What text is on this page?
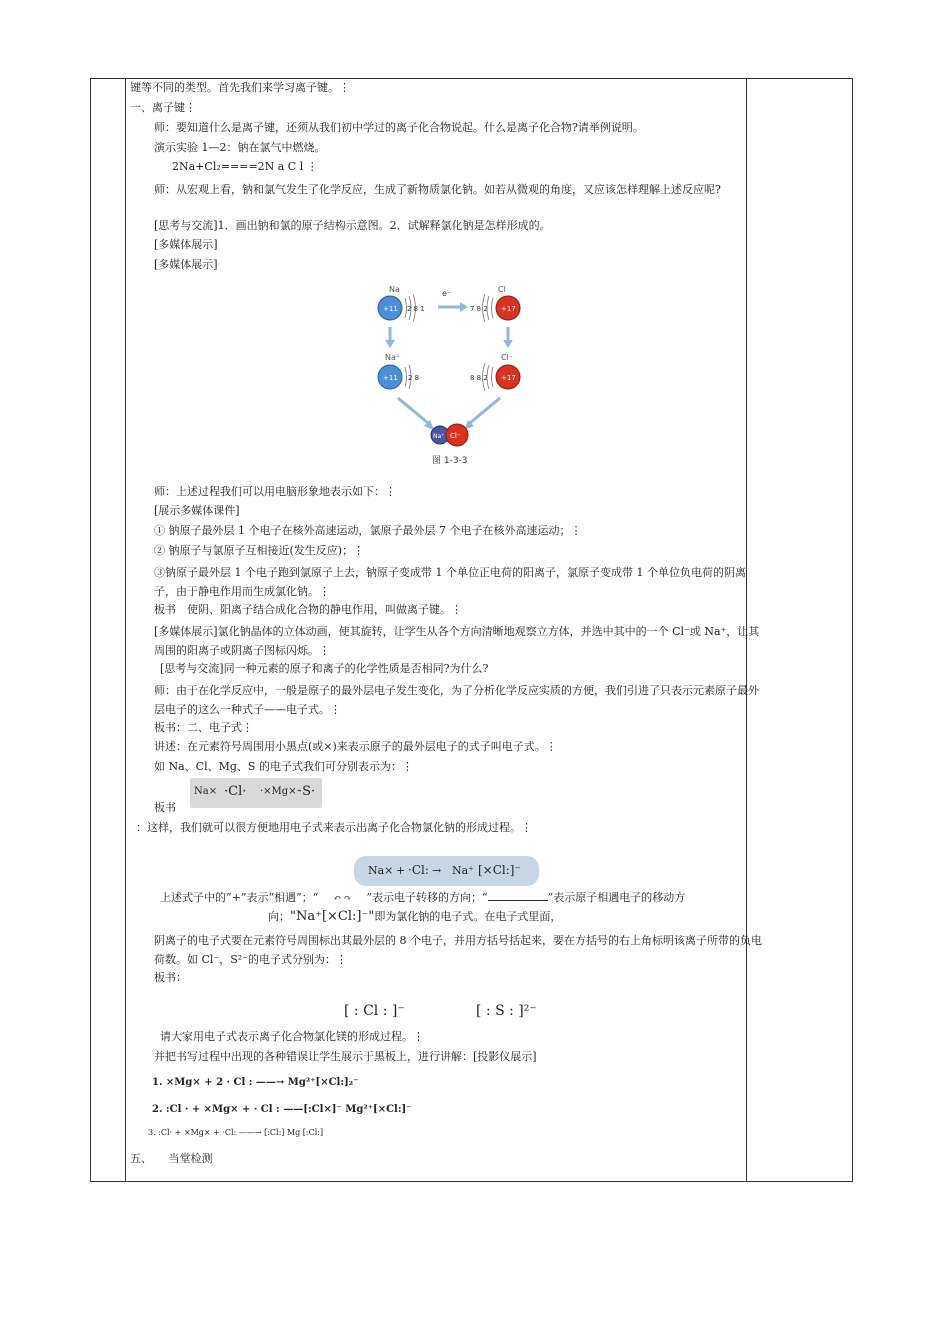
键等不同的类型。首先我们来学习离子键。⋮
一、离子键⋮
师：要知道什么是离子键，还须从我们初中学过的离子化合物说起。什么是离子化合物?请举例说明。
演示实验 1—2：钠在氯气中燃烧。
2Na+Cl₂====2N a C l ⋮
师：从宏观上看，钠和氯气发生了化学反应，生成了新物质氯化钠。如若从微观的角度，又应该怎样理解上述反应呢?
[思考与交流]1．画出钠和氯的原子结构示意图。2．试解释氯化钠是怎样形成的。
[多媒体展示]
[多媒体展示]
Na
+11 2 8 1
e⁻	Cl
+17
7 8 2
Na⁺
+11 2 8
Cl⁻
+17
8 8 2
Na⁺ Cl⁻
图 1-3-3
师：上述过程我们可以用电脑形象地表示如下：⋮
[展示多媒体课件]
① 钠原子最外层 1 个电子在核外高速运动，氯原子最外层 7 个电子在核外高速运动；⋮
② 钠原子与氯原子互相接近(发生反应)；⋮
③钠原子最外层 1 个电子跑到氯原子上去，钠原子变成带 1 个单位正电荷的阳离子，氯原子变成带 1 个单位负电荷的阴离子，由于静电作用而生成氯化钠。⋮
板书　使阴、阳离子结合成化合物的静电作用，叫做离子键。⋮
[多媒体展示]氯化钠晶体的立体动画，使其旋转，让学生从各个方向清晰地观察立方体，并选中其中的一个 Cl⁻或 Na⁺，让其周围的阳离子或阴离子图标闪烁。⋮
[思考与交流]同一种元素的原子和离子的化学性质是否相同?为什么?
师：由于在化学反应中，一般是原子的最外层电子发生变化，为了分析化学反应实质的方便，我们引进了只表示元素原子最外层电子的这么一种式子——电子式。⋮
板书：二、电子式⋮
讲述：在元素符号周围用小黑点(或×)来表示原子的最外层电子的式子叫电子式。⋮
如 Na、Cl、Mg、S 的电子式我们可分别表示为：⋮
Na× ·Cl· ·×Mg×·
·S·
板书
：这样，我们就可以很方便地用电子式来表示出离子化合物氯化钠的形成过程。⋮
Na× + ·Cl: → Na⁺ [×Cl:]⁻
上述式子中的“+”表示“相遇”；“ ↶ ↷ ”表示电子转移的方向；“	”表示原子相遇电子的移动方
向；"Na⁺[×Cl:]⁻"即为氯化钠的电子式。在电子式里面，
阴离子的电子式要在元素符号周围标出其最外层的 8 个电子，并用方括号括起来，要在方括号的右上角标明该离子所带的负电荷数。如 Cl⁻，S²⁻的电子式分别为：⋮
板书：
[ : Cl : ]⁻	[ : S : ]²⁻
请大家用电子式表示离子化合物氯化镁的形成过程。⋮
并把书写过程中出现的各种错误让学生展示于黑板上，进行讲解：[投影仪展示]
1. ×Mg× + 2 · Cl : ——→ Mg²⁺[×Cl:]₂⁻
2. :Cl · + ×Mg× + · Cl : ——[:Cl×]⁻ Mg²⁺[×Cl:]⁻
3. :Cl· + ×Mg× + ·Cl: ——→ [:Cl:] Mg [:Cl:]
五、　　当堂检测
